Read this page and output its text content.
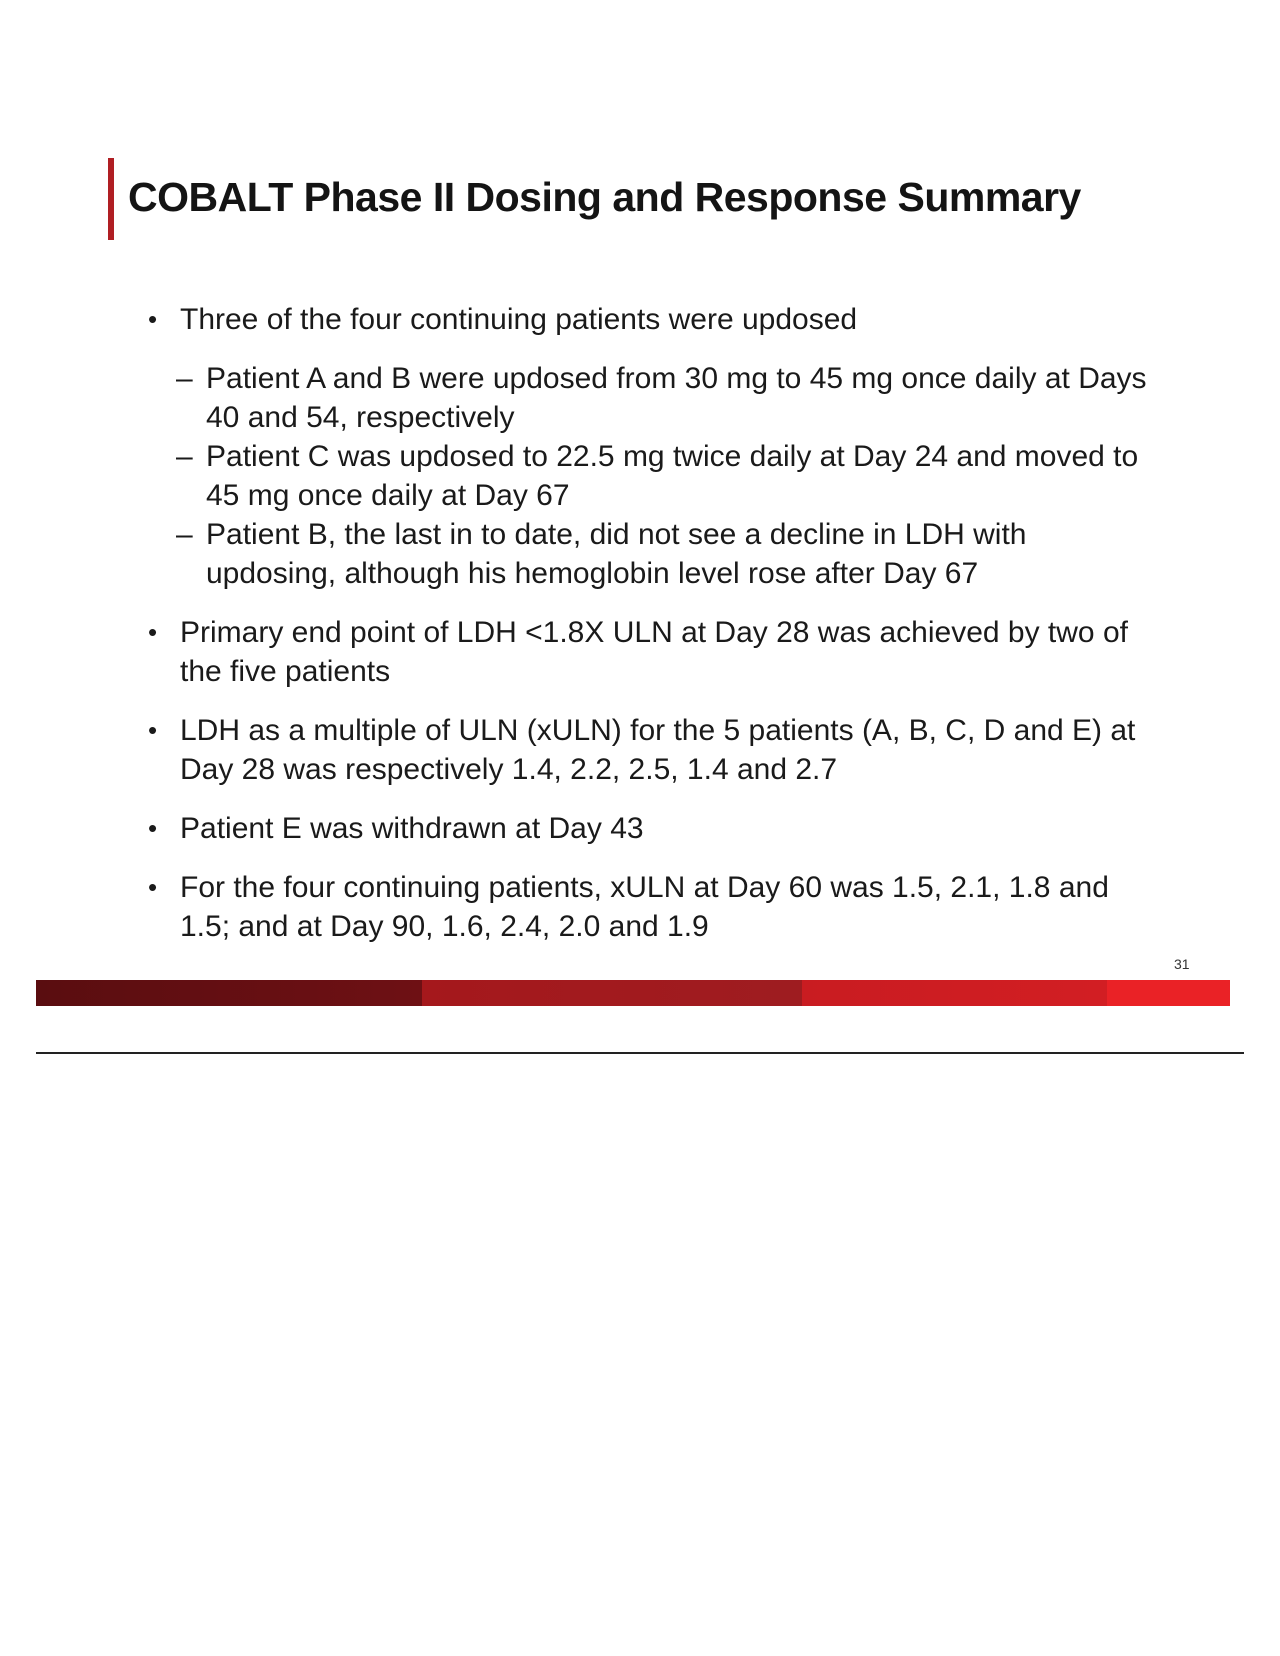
COBALT Phase II Dosing and Response Summary
• Three of the four continuing patients were updosed
– Patient A and B were updosed from 30 mg to 45 mg once daily at Days 40 and 54, respectively
– Patient C was updosed to 22.5 mg twice daily at Day 24 and moved to 45 mg once daily at Day 67
– Patient B, the last in to date, did not see a decline in LDH with updosing, although his hemoglobin level rose after Day 67
• Primary end point of LDH <1.8X ULN at Day 28 was achieved by two of the five patients
• LDH as a multiple of ULN (xULN) for the 5 patients (A, B, C, D and E) at Day 28 was respectively 1.4, 2.2, 2.5, 1.4 and 2.7
• Patient E was withdrawn at Day 43
• For the four continuing patients, xULN at Day 60 was 1.5, 2.1, 1.8 and 1.5; and at Day 90, 1.6, 2.4, 2.0 and 1.9
31
